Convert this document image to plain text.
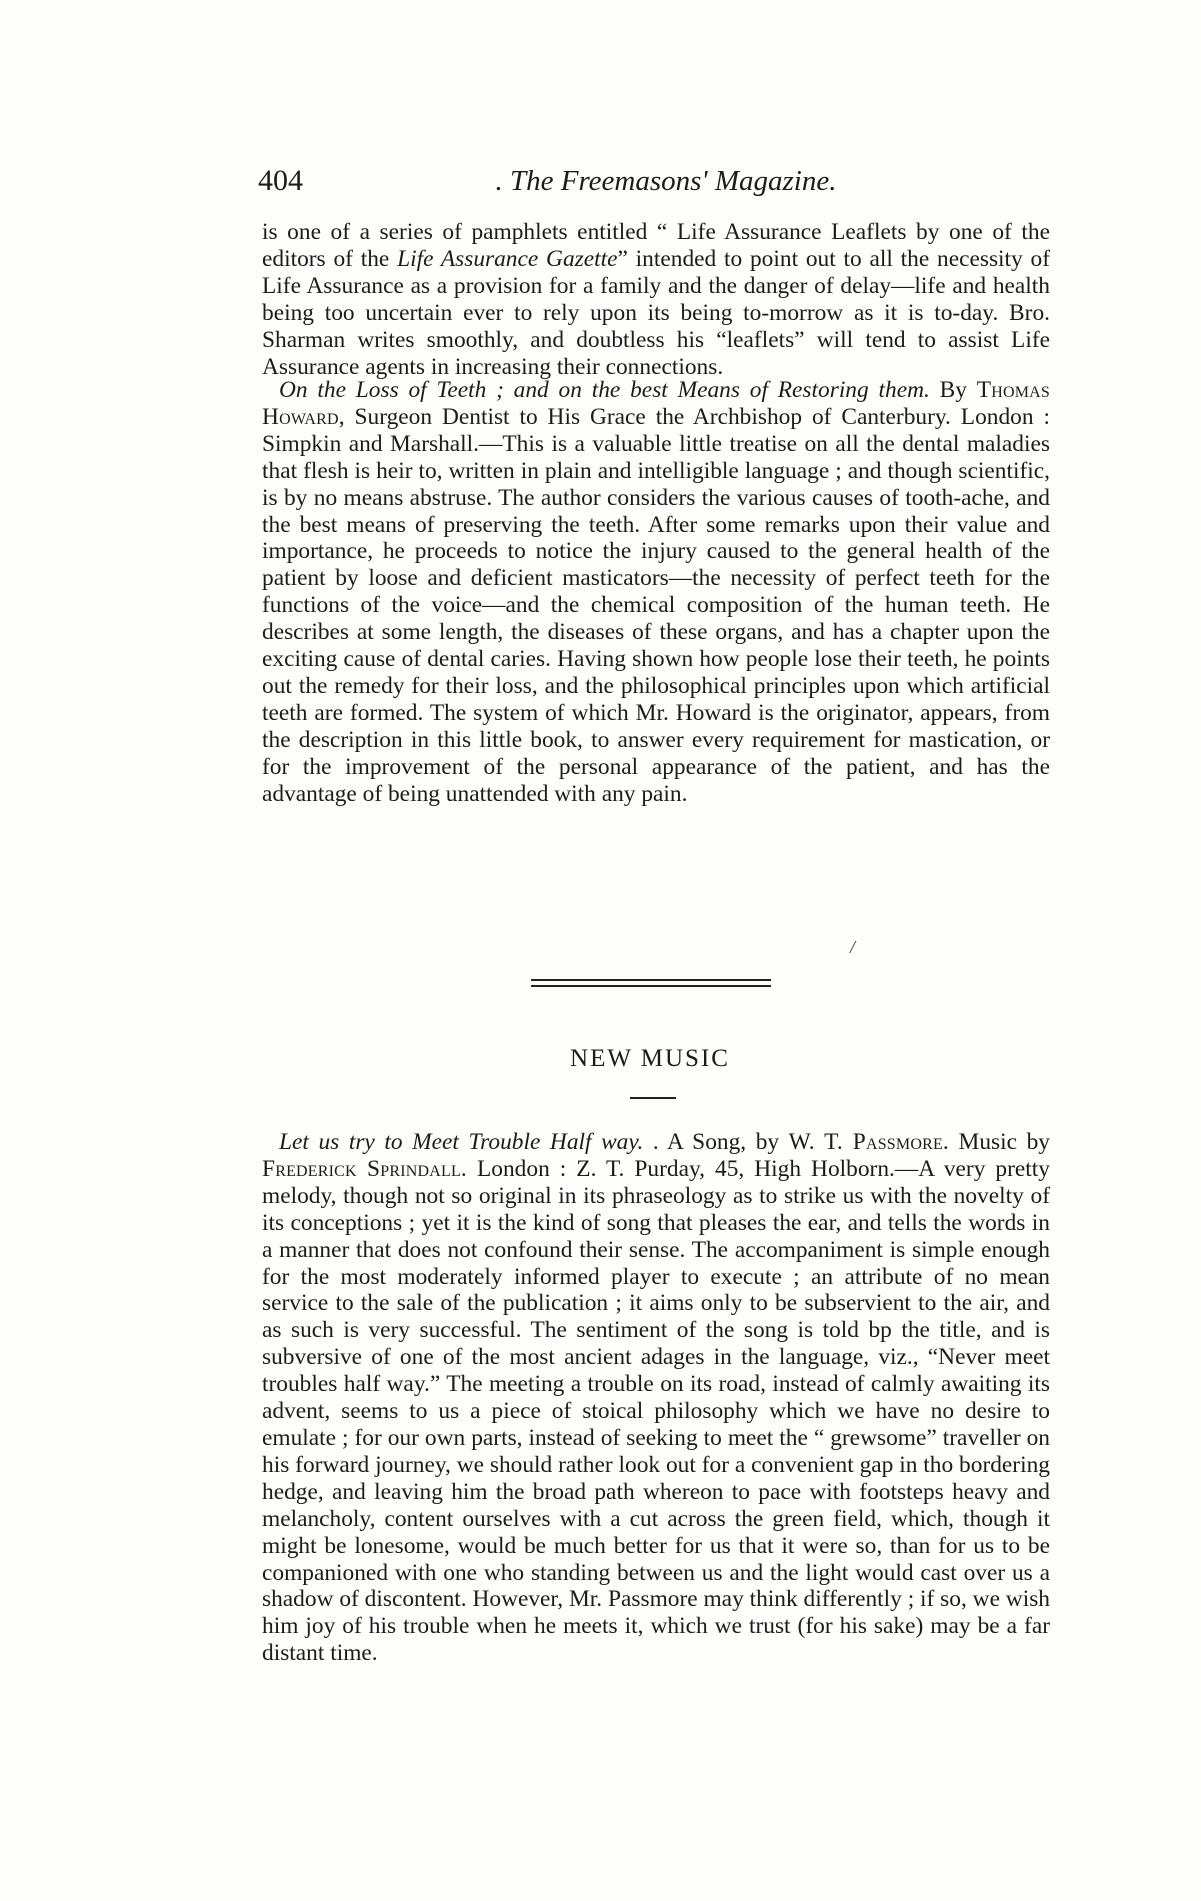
404	. The Freemasons' Magazine.

is one of a series of pamphlets entitled “ Life Assurance Leaflets by one of the editors of the Life Assurance Gazette” intended to point out to all the necessity of Life Assurance as a provision for a family and the danger of delay—life and health being too uncertain ever to rely upon its being to-morrow as it is to-day. Bro. Sharman writes smoothly, and doubtless his “leaflets” will tend to assist Life Assurance agents in increasing their connections.

On the Loss of Teeth ; and on the best Means of Restoring them. By Thomas Howard, Surgeon Dentist to His Grace the Archbishop of Canterbury. London : Simpkin and Marshall.—This is a valuable little treatise on all the dental maladies that flesh is heir to, written in plain and intelligible language ; and though scientific, is by no means abstruse. The author considers the various causes of tooth-ache, and the best means of preserving the teeth. After some remarks upon their value and importance, he proceeds to notice the injury caused to the general health of the patient by loose and deficient masticators—the necessity of perfect teeth for the functions of the voice—and the chemical composition of the human teeth. He describes at some length, the diseases of these organs, and has a chapter upon the exciting cause of dental caries. Having shown how people lose their teeth, he points out the remedy for their loss, and the philosophical principles upon which artificial teeth are formed. The system of which Mr. Howard is the originator, appears, from the description in this little book, to answer every requirement for mastication, or for the improvement of the personal appearance of the patient, and has the advantage of being unattended with any pain.

/
NEW MUSIC

Let us try to Meet Trouble Half way. . A Song, by W. T. Passmore. Music by Frederick Sprindall. London : Z. T. Purday, 45, High Holborn.—A very pretty melody, though not so original in its phraseology as to strike us with the novelty of its conceptions ; yet it is the kind of song that pleases the ear, and tells the words in a manner that does not confound their sense. The accompaniment is simple enough for the most moderately informed player to execute ; an attribute of no mean service to the sale of the publication ; it aims only to be subservient to the air, and as such is very successful. The sentiment of the song is told bp the title, and is subversive of one of the most ancient adages in the language, viz., “Never meet troubles half way.” The meeting a trouble on its road, instead of calmly awaiting its advent, seems to us a piece of stoical philosophy which we have no desire to emulate ; for our own parts, instead of seeking to meet the “ grewsome” traveller on his forward journey, we should rather look out for a convenient gap in tho bordering hedge, and leaving him the broad path whereon to pace with footsteps heavy and melancholy, content ourselves with a cut across the green field, which, though it might be lonesome, would be much better for us that it were so, than for us to be companioned with one who standing between us and the light would cast over us a shadow of discontent. However, Mr. Passmore may think differently ; if so, we wish him joy of his trouble when he meets it, which we trust (for his sake) may be a far distant time.
